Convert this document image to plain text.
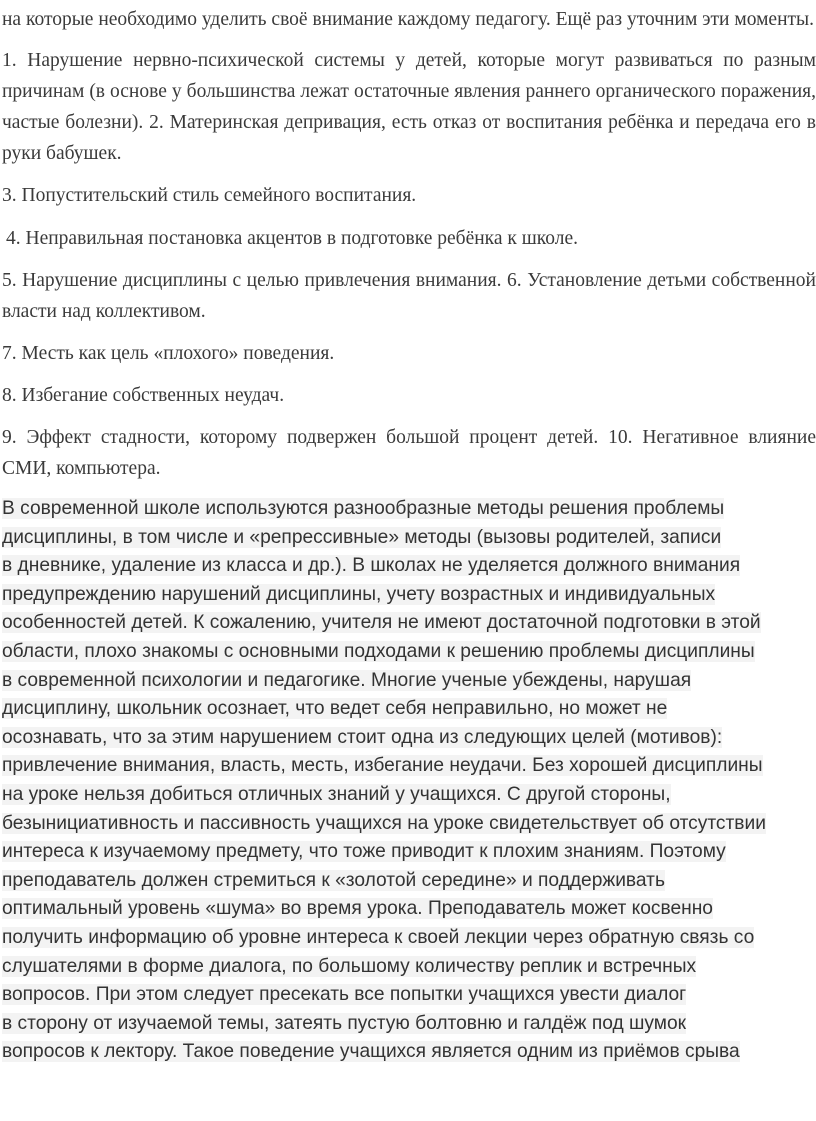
на которые необходимо уделить своё внимание каждому педагогу. Ещё раз уточним эти моменты.

1. Нарушение нервно-психической системы у детей, которые могут развиваться по разным причинам (в основе у большинства лежат остаточные явления раннего органического поражения, частые болезни). 2. Материнская депривация, есть отказ от воспитания ребёнка и передача его в руки бабушек.

3. Попустительский стиль семейного воспитания.

4. Неправильная постановка акцентов в подготовке ребёнка к школе.

5. Нарушение дисциплины с целью привлечения внимания. 6. Установление детьми собственной власти над коллективом.

7. Месть как цель «плохого» поведения.

8. Избегание собственных неудач.

9. Эффект стадности, которому подвержен большой процент детей. 10. Негативное влияние СМИ, компьютера.

В современной школе используются разнообразные методы решения проблемы
дисциплины, в том числе и «репрессивные» методы (вызовы родителей, записи
в дневнике, удаление из класса и др.). В школах не уделяется должного внимания
предупреждению нарушений дисциплины, учету возрастных и индивидуальных
особенностей детей. К сожалению, учителя не имеют достаточной подготовки в этой
области, плохо знакомы с основными подходами к решению проблемы дисциплины
в современной психологии и педагогике. Многие ученые убеждены, нарушая
дисциплину, школьник осознает, что ведет себя неправильно, но может не
осознавать, что за этим нарушением стоит одна из следующих целей (мотивов):
привлечение внимания, власть, месть, избегание неудачи. Без хорошей дисциплины
на уроке нельзя добиться отличных знаний у учащихся. С другой стороны,
безынициативность и пассивность учащихся на уроке свидетельствует об отсутствии
интереса к изучаемому предмету, что тоже приводит к плохим знаниям. Поэтому
преподаватель должен стремиться к «золотой середине» и поддерживать
оптимальный уровень «шума» во время урока. Преподаватель может косвенно
получить информацию об уровне интереса к своей лекции через обратную связь со
слушателями в форме диалога, по большому количеству реплик и встречных
вопросов. При этом следует пресекать все попытки учащихся увести диалог
в сторону от изучаемой темы, затеять пустую болтовню и галдёж под шумок
вопросов к лектору. Такое поведение учащихся является одним из приёмов срыва
